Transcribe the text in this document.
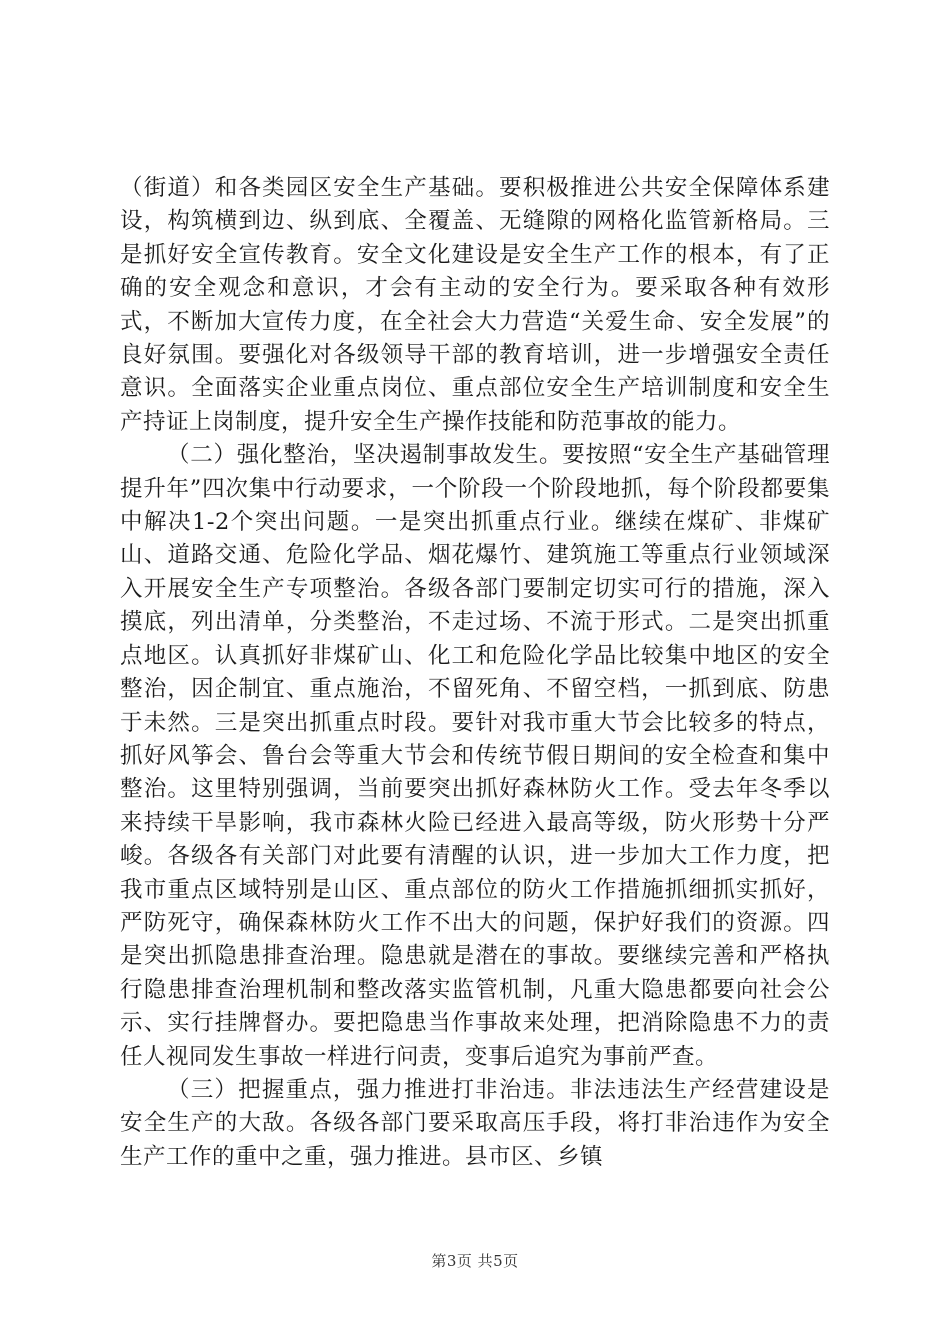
（街道）和各类园区安全生产基础。要积极推进公共安全保障体系建设，构筑横到边、纵到底、全覆盖、无缝隙的网格化监管新格局。三是抓好安全宣传教育。安全文化建设是安全生产工作的根本，有了正确的安全观念和意识，才会有主动的安全行为。要采取各种有效形式，不断加大宣传力度，在全社会大力营造“关爱生命、安全发展”的良好氛围。要强化对各级领导干部的教育培训，进一步增强安全责任意识。全面落实企业重点岗位、重点部位安全生产培训制度和安全生产持证上岗制度，提升安全生产操作技能和防范事故的能力。

（二）强化整治，坚决遏制事故发生。要按照“安全生产基础管理提升年”四次集中行动要求，一个阶段一个阶段地抓，每个阶段都要集中解决1-2个突出问题。一是突出抓重点行业。继续在煤矿、非煤矿山、道路交通、危险化学品、烟花爆竹、建筑施工等重点行业领域深入开展安全生产专项整治。各级各部门要制定切实可行的措施，深入摸底，列出清单，分类整治，不走过场、不流于形式。二是突出抓重点地区。认真抓好非煤矿山、化工和危险化学品比较集中地区的安全整治，因企制宜、重点施治，不留死角、不留空档，一抓到底、防患于未然。三是突出抓重点时段。要针对我市重大节会比较多的特点，抓好风筝会、鲁台会等重大节会和传统节假日期间的安全检查和集中整治。这里特别强调，当前要突出抓好森林防火工作。受去年冬季以来持续干旱影响，我市森林火险已经进入最高等级，防火形势十分严峻。各级各有关部门对此要有清醒的认识，进一步加大工作力度，把我市重点区域特别是山区、重点部位的防火工作措施抓细抓实抓好，严防死守，确保森林防火工作不出大的问题，保护好我们的资源。四是突出抓隐患排查治理。隐患就是潜在的事故。要继续完善和严格执行隐患排查治理机制和整改落实监管机制，凡重大隐患都要向社会公示、实行挂牌督办。要把隐患当作事故来处理，把消除隐患不力的责任人视同发生事故一样进行问责，变事后追究为事前严查。

（三）把握重点，强力推进打非治违。非法违法生产经营建设是安全生产的大敌。各级各部门要采取高压手段，将打非治违作为安全生产工作的重中之重，强力推进。县市区、乡镇

第3页 共5页
